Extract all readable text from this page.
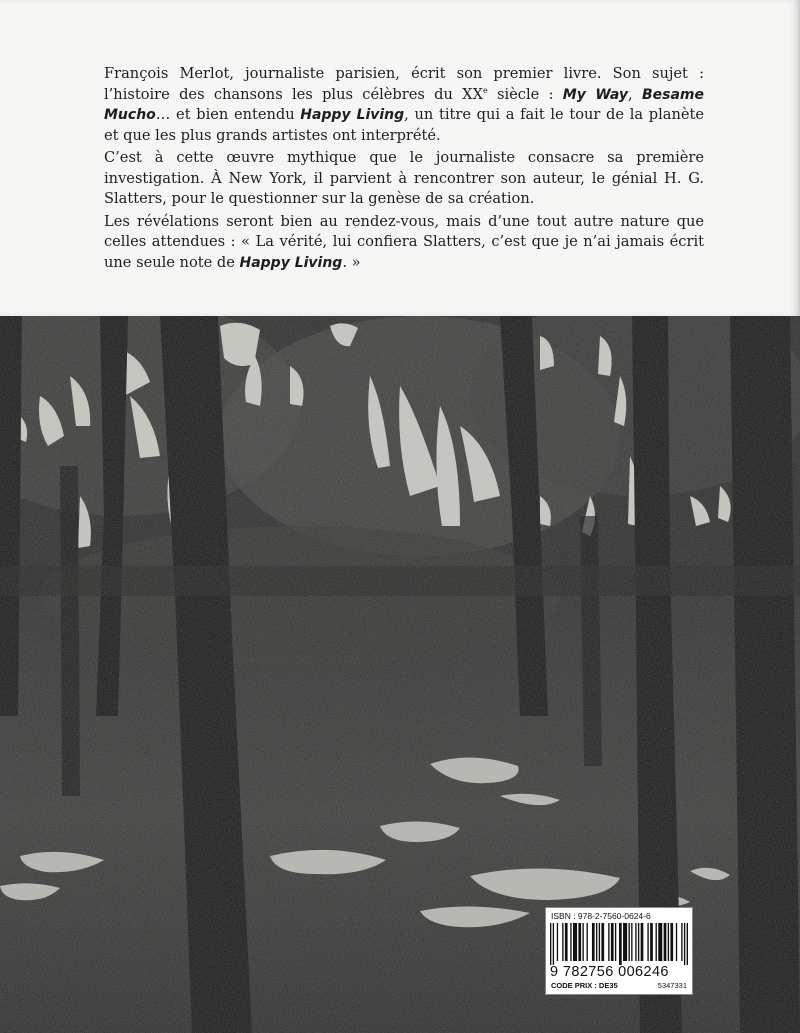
François Merlot, journaliste parisien, écrit son premier livre. Son sujet : l’histoire des chansons les plus célèbres du XXe siècle : My Way, Besame Mucho… et bien entendu Happy Living, un titre qui a fait le tour de la planète et que les plus grands artistes ont interprété.

C’est à cette œuvre mythique que le journaliste consacre sa première investigation. À New York, il parvient à rencontrer son auteur, le génial H. G. Slatters, pour le questionner sur la genèse de sa création.

Les révélations seront bien au rendez-vous, mais d’une tout autre nature que celles attendues : « La vérité, lui confiera Slatters, c’est que je n’ai jamais écrit une seule note de Happy Living. »

ISBN : 978-2-7560-0624-6
9 782756 006246
CODE PRIX : DE35	5347331
